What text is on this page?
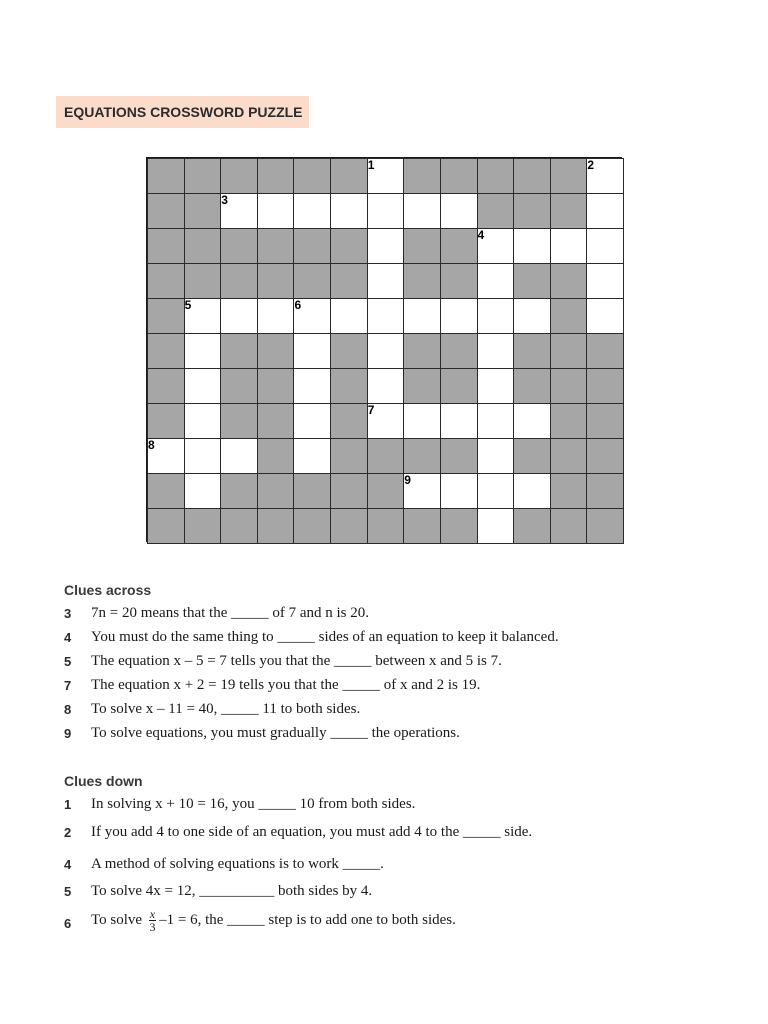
EQUATIONS CROSSWORD PUZZLE
1	2
3
4
5	6
7
8
9
Clues across
3 7n = 20 means that the _____ of 7 and n is 20.
4 You must do the same thing to _____ sides of an equation to keep it balanced.
5 The equation x – 5 = 7 tells you that the _____ between x and 5 is 7.
7 The equation x + 2 = 19 tells you that the _____ of x and 2 is 19.
8 To solve x – 11 = 40, _____ 11 to both sides.
9 To solve equations, you must gradually _____ the operations.
Clues down
1 In solving x + 10 = 16, you _____ 10 from both sides.
2 If you add 4 to one side of an equation, you must add 4 to the _____ side.
4 A method of solving equations is to work _____.
5 To solve 4x = 12, __________ both sides by 4.
6 To solve $\frac{x}{3} -1 = 6$, the _____ step is to add one to both sides.
